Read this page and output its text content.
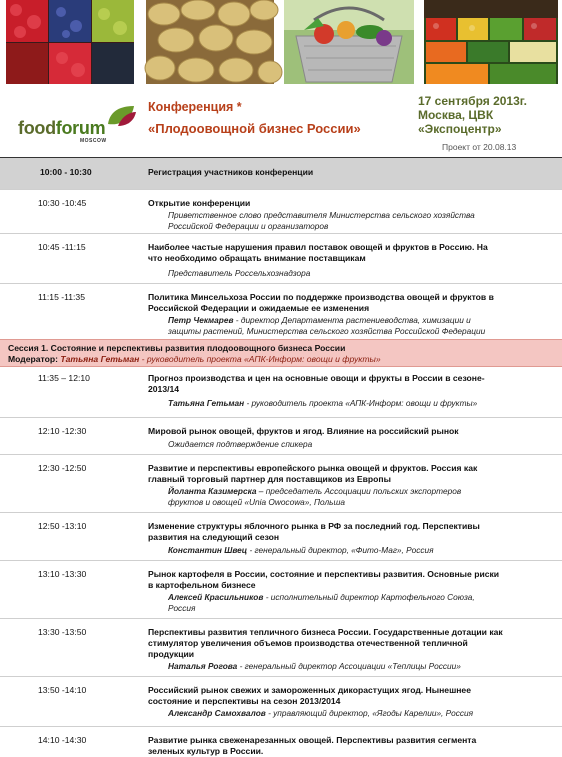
foodforum
MOSCOW
Конференция *
«Плодоовощной бизнес России»
17 сентября 2013г.
Москва, ЦВК
«Экспоцентр»
Проект от 20.08.13
10:00 - 10:30	Регистрация участников конференции
10:30 -10:45	Открытие конференции
Приветственное слово представителя Министерства сельского хозяйства
Российской Федерации и организаторов
10:45 -11:15	Наиболее частые нарушения правил поставок овощей и фруктов в Россию. На
что необходимо обращать внимание поставщикам
Представитель Россельхознадзора
11:15 -11:35	Политика Минсельхоза России по поддержке производства овощей и фруктов в
Российской Федерации и ожидаемые ее изменения
Петр Чекмарев - директор Департамента растениеводства, химизации и
защиты растений, Министерства сельского хозяйства Российской Федерации
Сессия 1. Состояние и перспективы развития плодоовощного бизнеса России
Модератор: Татьяна Гетьман - руководитель проекта «АПК-Информ: овощи и фрукты»
11:35 – 12:10	Прогноз производства и цен на основные овощи и фрукты в России в сезоне-
2013/14
Татьяна Гетьман - руководитель проекта «АПК-Информ: овощи и фрукты»
12:10 -12:30	Мировой рынок овощей, фруктов и ягод. Влияние на российский рынок
Ожидается подтверждение спикера
12:30 -12:50	Развитие и перспективы европейского рынка овощей и фруктов. Россия как
главный торговый партнер для поставщиков из Европы
Йоланта Казимерска – председатель Ассоциации польских экспортеров
фруктов и овощей «Unia Owocowa», Польша
12:50 -13:10	Изменение структуры яблочного рынка в РФ за последний год. Перспективы
развития на следующий сезон
Константин Швец - генеральный директор, «Фито-Маг», Россия
13:10 -13:30	Рынок картофеля в России, состояние и перспективы развития. Основные риски
в картофельном бизнесе
Алексей Красильников - исполнительный директор Картофельного Союза,
Россия
13:30 -13:50	Перспективы развития тепличного бизнеса России. Государственные дотации как
стимулятор увеличения объемов производства отечественной тепличной
продукции
Наталья Рогова - генеральный директор Ассоциации «Теплицы России»
13:50 -14:10	Российский рынок свежих и замороженных дикорастущих ягод. Нынешнее
состояние и перспективы на сезон 2013/2014
Александр Самохвалов - управляющий директор, «Ягоды Карелии», Россия
14:10 -14:30	Развитие рынка свеженарезанных овощей. Перспективы развития сегмента
зеленых культур в России.
